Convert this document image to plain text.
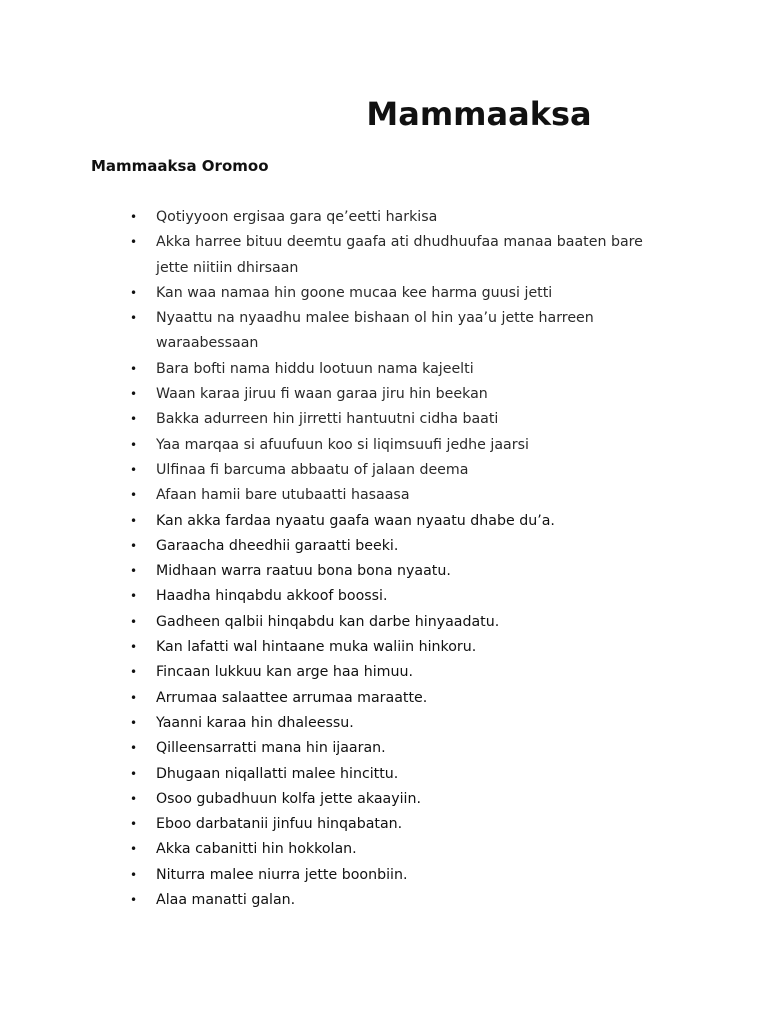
Mammaaksa
Mammaaksa Oromoo
• Qotiyyoon ergisaa gara qe’eetti harkisa
• Akka harree bituu deemtu gaafa ati dhudhuufaa manaa baaten bare jette niitiin dhirsaan
• Kan waa namaa hin goone mucaa kee harma guusi jetti
• Nyaattu na nyaadhu malee bishaan ol hin yaa’u jette harreen waraabessaan
• Bara bofti nama hiddu lootuun nama kajeelti
• Waan karaa jiruu fi waan garaa jiru hin beekan
• Bakka adurreen hin jirretti hantuutni cidha baati
• Yaa marqaa si afuufuun koo si liqimsuufi jedhe jaarsi
• Ulfinaa fi barcuma abbaatu of jalaan deema
• Afaan hamii bare utubaatti hasaasa
• Kan akka fardaa nyaatu gaafa waan nyaatu dhabe du’a.
• Garaacha dheedhii garaatti beeki.
• Midhaan warra raatuu bona bona nyaatu.
• Haadha hinqabdu akkoof boossi.
• Gadheen qalbii hinqabdu kan darbe hinyaadatu.
• Kan lafatti wal hintaane muka waliin hinkoru.
• Fincaan lukkuu kan arge haa himuu.
• Arrumaa salaattee arrumaa maraatte.
• Yaanni karaa hin dhaleessu.
• Qilleensarratti mana hin ijaaran.
• Dhugaan niqallatti malee hincittu.
• Osoo gubadhuun kolfa jette akaayiin.
• Eboo darbatanii jinfuu hinqabatan.
• Akka cabanitti hin hokkolan.
• Niturra malee niurra jette boonbiin.
• Alaa manatti galan.
